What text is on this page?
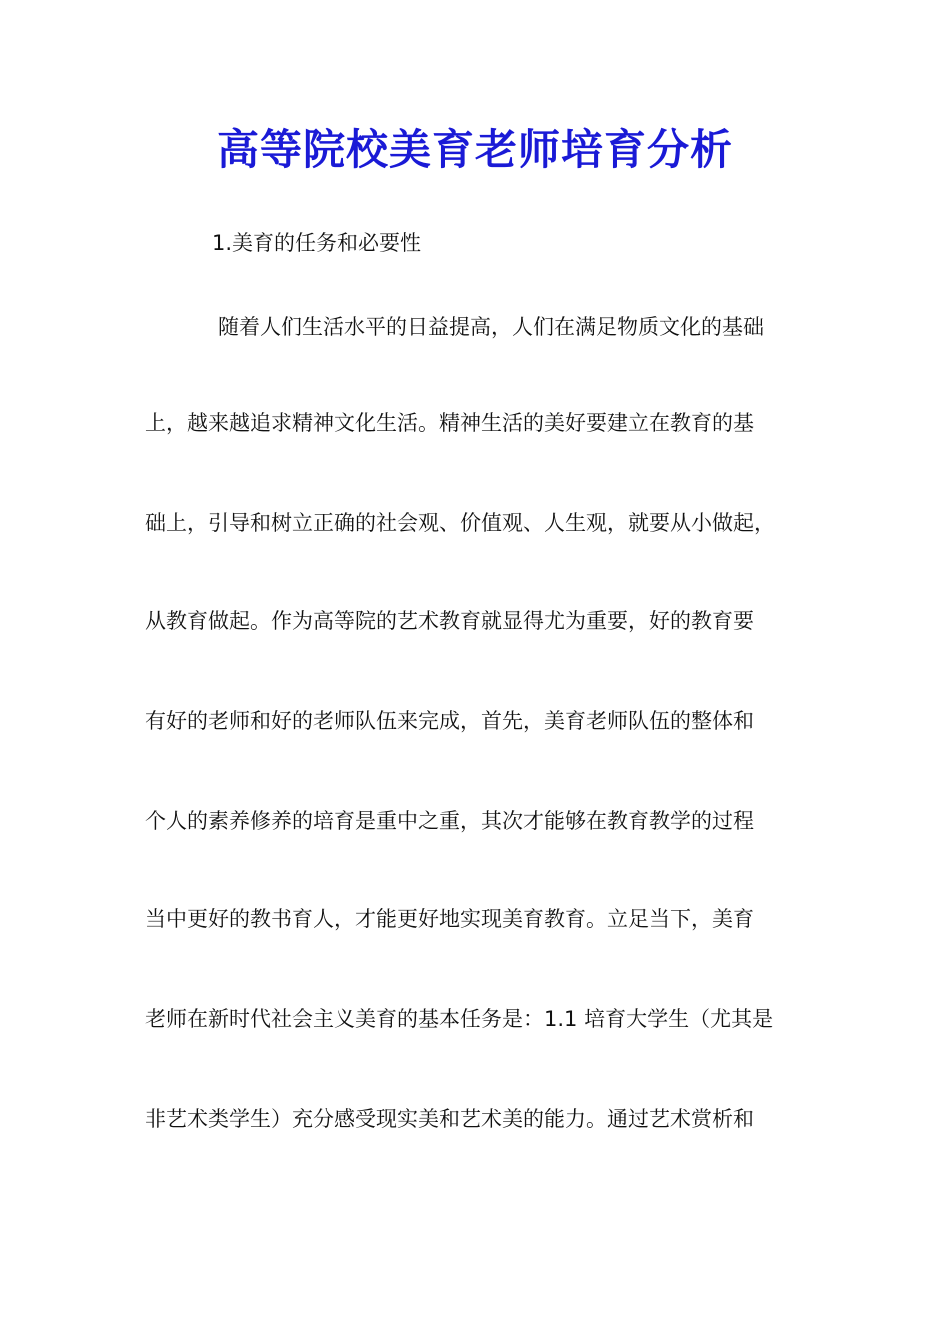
高等院校美育老师培育分析

1.美育的任务和必要性

随着人们生活水平的日益提高，人们在满足物质文化的基础

上，越来越追求精神文化生活。精神生活的美好要建立在教育的基

础上，引导和树立正确的社会观、价值观、人生观，就要从小做起，

从教育做起。作为高等院的艺术教育就显得尤为重要，好的教育要

有好的老师和好的老师队伍来完成，首先，美育老师队伍的整体和

个人的素养修养的培育是重中之重，其次才能够在教育教学的过程

当中更好的教书育人，才能更好地实现美育教育。立足当下，美育

老师在新时代社会主义美育的基本任务是：1.1 培育大学生（尤其是

非艺术类学生）充分感受现实美和艺术美的能力。通过艺术赏析和
